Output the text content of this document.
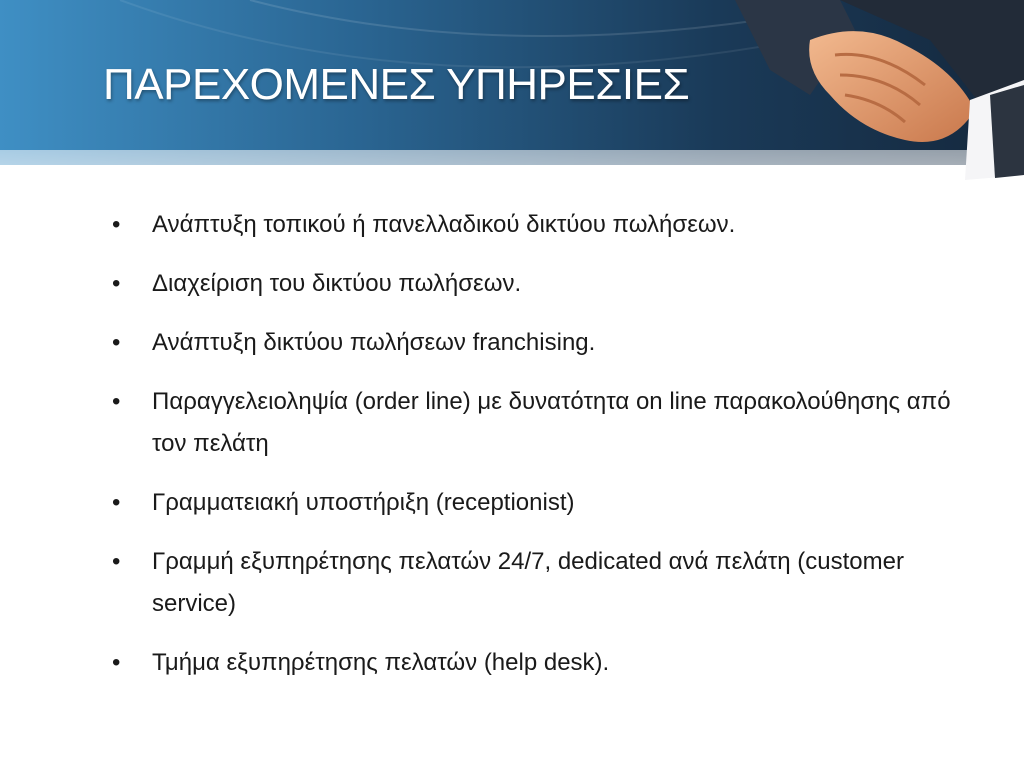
ΠΑΡΕΧΟΜΕΝΕΣ ΥΠΗΡΕΣΙΕΣ
•	Ανάπτυξη τοπικού ή πανελλαδικού δικτύου πωλήσεων.
•	Διαχείριση του δικτύου πωλήσεων.
•	Ανάπτυξη δικτύου πωλήσεων franchising.
•	Παραγγελειοληψία (order line) με δυνατότητα on line παρακολούθησης από τον πελάτη
•	Γραμματειακή υποστήριξη (receptionist)
•	Γραμμή εξυπηρέτησης πελατών 24/7, dedicated ανά πελάτη (customer service)
•	Τμήμα εξυπηρέτησης πελατών (help desk).
